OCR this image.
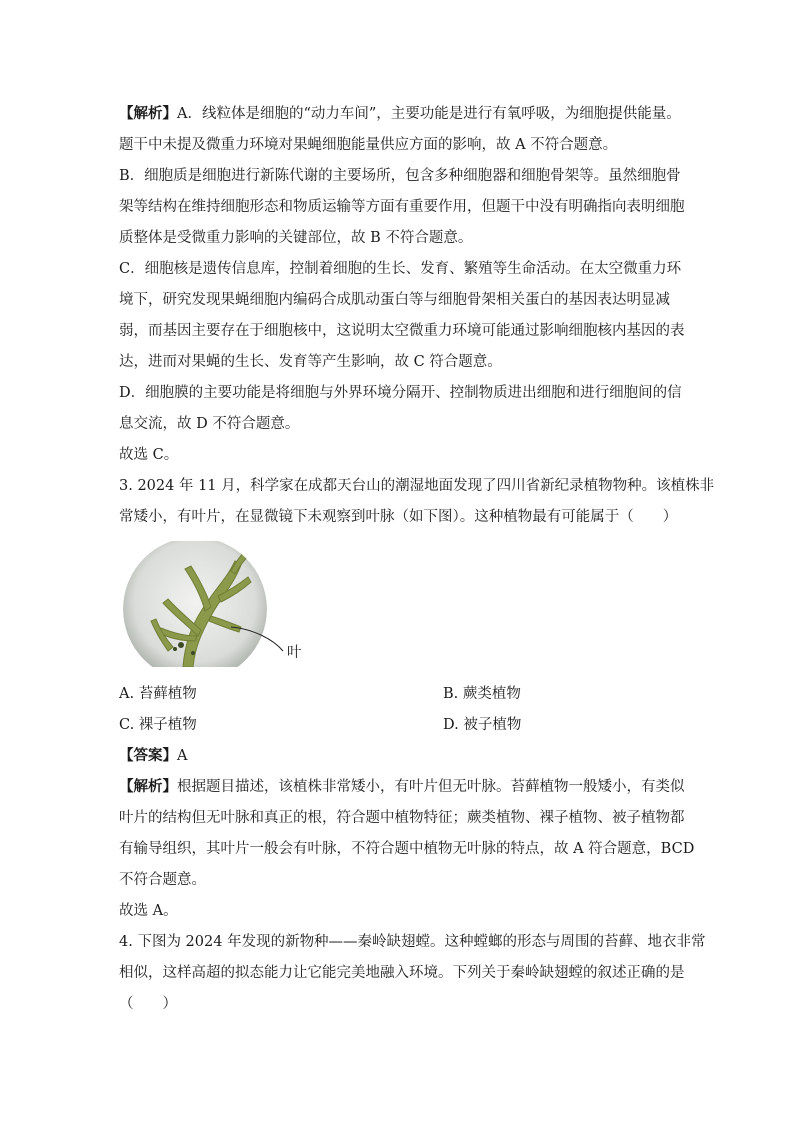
【解析】A．线粒体是细胞的“动力车间”，主要功能是进行有氧呼吸，为细胞提供能量。
题干中未提及微重力环境对果蝇细胞能量供应方面的影响，故 A 不符合题意。
B．细胞质是细胞进行新陈代谢的主要场所，包含多种细胞器和细胞骨架等。虽然细胞骨
架等结构在维持细胞形态和物质运输等方面有重要作用，但题干中没有明确指向表明细胞
质整体是受微重力影响的关键部位，故 B 不符合题意。
C．细胞核是遗传信息库，控制着细胞的生长、发育、繁殖等生命活动。在太空微重力环
境下，研究发现果蝇细胞内编码合成肌动蛋白等与细胞骨架相关蛋白的基因表达明显减
弱，而基因主要存在于细胞核中，这说明太空微重力环境可能通过影响细胞核内基因的表
达，进而对果蝇的生长、发育等产生影响，故 C 符合题意。
D．细胞膜的主要功能是将细胞与外界环境分隔开、控制物质进出细胞和进行细胞间的信
息交流，故 D 不符合题意。
故选 C。
3. 2024 年 11 月，科学家在成都天台山的潮湿地面发现了四川省新纪录植物物种。该植株非
常矮小，有叶片，在显微镜下未观察到叶脉（如下图）。这种植物最有可能属于（　　）
叶
A. 苔藓植物	B. 蕨类植物
C. 裸子植物	D. 被子植物
【答案】A
【解析】根据题目描述，该植株非常矮小，有叶片但无叶脉。苔藓植物一般矮小，有类似
叶片的结构但无叶脉和真正的根，符合题中植物特征；蕨类植物、裸子植物、被子植物都
有输导组织，其叶片一般会有叶脉，不符合题中植物无叶脉的特点，故 A 符合题意，BCD
不符合题意。
故选 A。
4. 下图为 2024 年发现的新物种——秦岭缺翅螳。这种螳螂的形态与周围的苔藓、地衣非常
相似，这样高超的拟态能力让它能完美地融入环境。下列关于秦岭缺翅螳的叙述正确的是
（　　）
